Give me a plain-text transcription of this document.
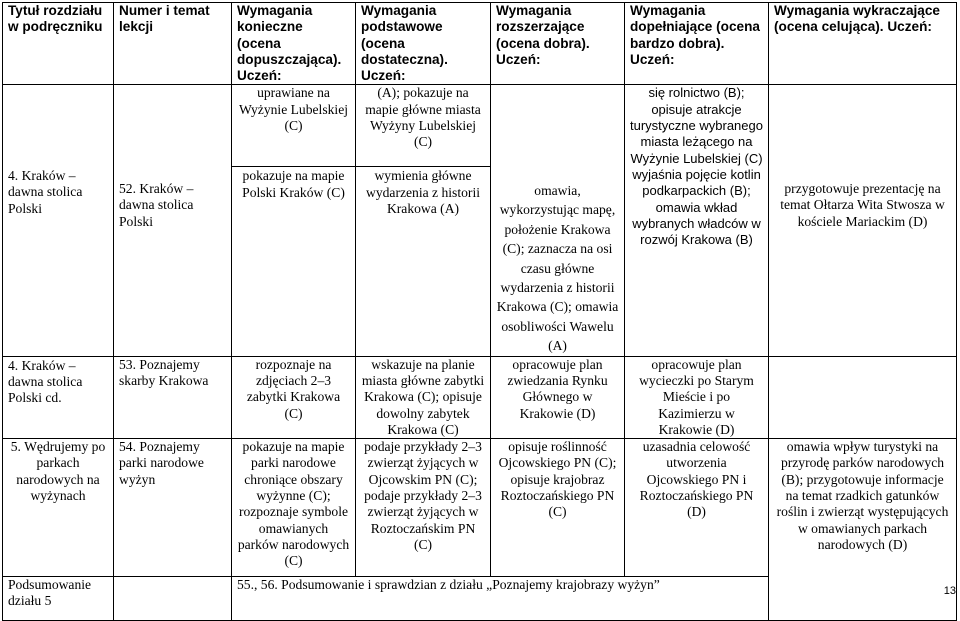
Tytuł rozdziału w podręczniku	Numer i temat lekcji	Wymagania konieczne (ocena dopuszczająca). Uczeń:	Wymagania podstawowe (ocena dostateczna). Uczeń:	Wymagania rozszerzające (ocena dobra). Uczeń:	Wymagania dopełniające (ocena bardzo dobra). Uczeń:	Wymagania wykraczające (ocena celująca). Uczeń:
		uprawiane na Wyżynie Lubelskiej (C)	(A); pokazuje na mapie główne miasta Wyżyny Lubelskiej (C)		się rolnictwo (B); opisuje atrakcje turystyczne wybranego miasta leżącego na Wyżynie Lubelskiej (C)	
4. Kraków – dawna stolica Polski	52. Kraków – dawna stolica Polski	pokazuje na mapie Polski Kraków (C)	wymienia główne wydarzenia z historii Krakowa (A)	omawia, wykorzystując mapę, położenie Krakowa (C); zaznacza na osi czasu główne wydarzenia z historii Krakowa (C); omawia osobliwości Wawelu (A)	wyjaśnia pojęcie kotlin podkarpackich (B); omawia wkład wybranych władców w rozwój Krakowa (B)	przygotowuje prezentację na temat Ołtarza Wita Stwosza w kościele Mariackim (D)
4. Kraków – dawna stolica Polski cd.	53. Poznajemy skarby Krakowa	rozpoznaje na zdjęciach 2–3 zabytki Krakowa (C)	wskazuje na planie miasta główne zabytki Krakowa (C); opisuje dowolny zabytek Krakowa (C)	opracowuje plan zwiedzania Rynku Głównego w Krakowie (D)	opracowuje plan wycieczki po Starym Mieście i po Kazimierzu w Krakowie (D)	
5. Wędrujemy po parkach narodowych na wyżynach	54. Poznajemy parki narodowe wyżyn	pokazuje na mapie parki narodowe chroniące obszary wyżynne (C); rozpoznaje symbole omawianych parków narodowych (C)	podaje przykłady 2–3 zwierząt żyjących w Ojcowskim PN (C); podaje przykłady 2–3 zwierząt żyjących w Roztoczańskim PN (C)	opisuje roślinność Ojcowskiego PN (C); opisuje krajobraz Roztoczańskiego PN (C)	uzasadnia celowość utworzenia Ojcowskiego PN i Roztoczańskiego PN (D)	omawia wpływ turystyki na przyrodę parków narodowych (B); przygotowuje informacje na temat rzadkich gatunków roślin i zwierząt występujących w omawianych parkach narodowych (D)
Podsumowanie działu 5		55., 56. Podsumowanie i sprawdzian z działu „Poznajemy krajobrazy wyżyn”					13
